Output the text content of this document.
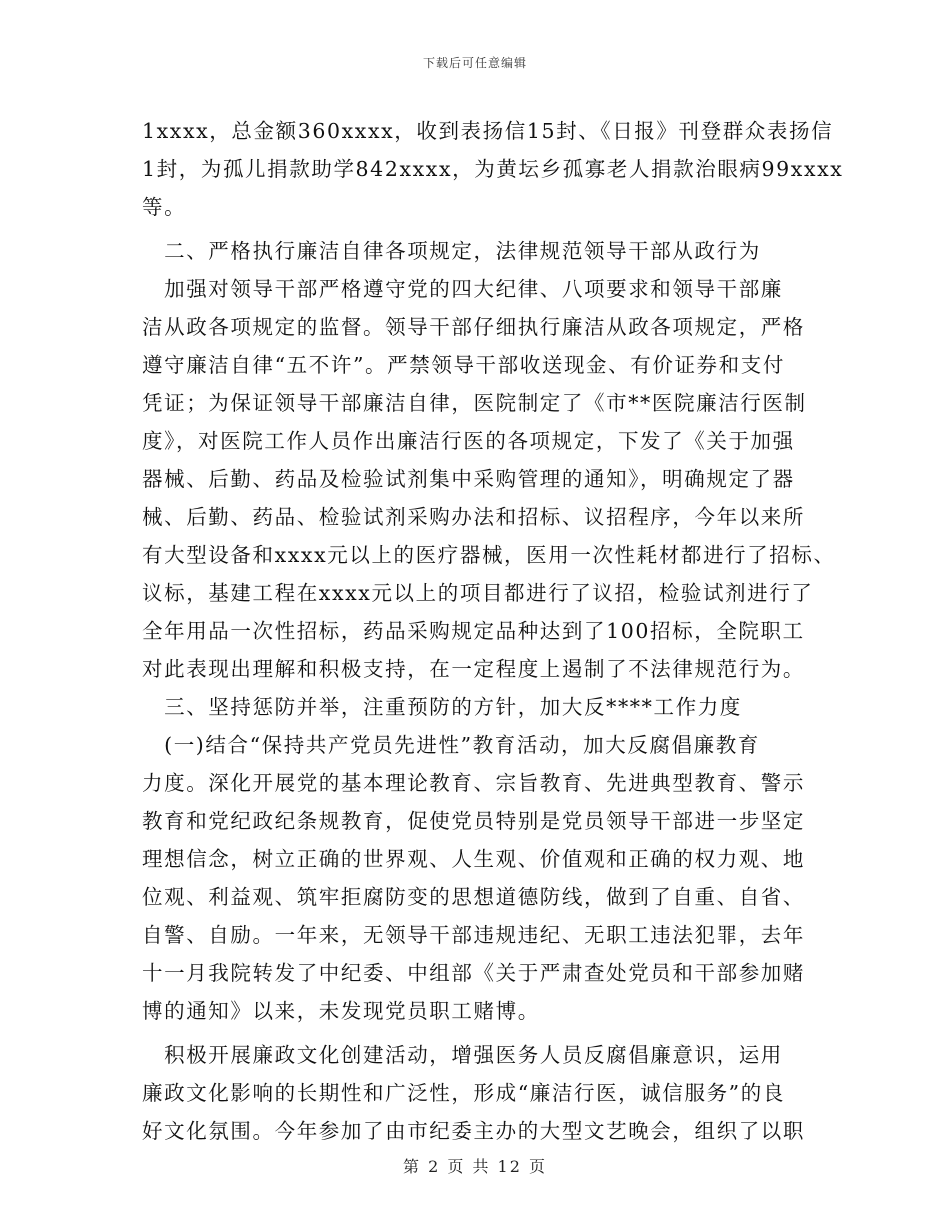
下载后可任意编辑
1xxxx，总金额360xxxx，收到表扬信15封、《日报》刊登群众表扬信
1封，为孤儿捐款助学842xxxx，为黄坛乡孤寡老人捐款治眼病99xxxx
等。
　二、严格执行廉洁自律各项规定，法律规范领导干部从政行为
　加强对领导干部严格遵守党的四大纪律、八项要求和领导干部廉
洁从政各项规定的监督。领导干部仔细执行廉洁从政各项规定，严格
遵守廉洁自律“五不许”。严禁领导干部收送现金、有价证券和支付
凭证；为保证领导干部廉洁自律，医院制定了《市**医院廉洁行医制
度》，对医院工作人员作出廉洁行医的各项规定，下发了《关于加强
器械、后勤、药品及检验试剂集中采购管理的通知》，明确规定了器
械、后勤、药品、检验试剂采购办法和招标、议招程序，今年以来所
有大型设备和xxxx元以上的医疗器械，医用一次性耗材都进行了招标、
议标，基建工程在xxxx元以上的项目都进行了议招，检验试剂进行了
全年用品一次性招标，药品采购规定品种达到了100招标，全院职工
对此表现出理解和积极支持，在一定程度上遏制了不法律规范行为。
　三、坚持惩防并举，注重预防的方针，加大反****工作力度
　(一)结合“保持共产党员先进性”教育活动，加大反腐倡廉教育
力度。深化开展党的基本理论教育、宗旨教育、先进典型教育、警示
教育和党纪政纪条规教育，促使党员特别是党员领导干部进一步坚定
理想信念，树立正确的世界观、人生观、价值观和正确的权力观、地
位观、利益观、筑牢拒腐防变的思想道德防线，做到了自重、自省、
自警、自励。一年来，无领导干部违规违纪、无职工违法犯罪，去年
十一月我院转发了中纪委、中组部《关于严肃查处党员和干部参加赌
博的通知》以来，未发现党员职工赌博。
　积极开展廉政文化创建活动，增强医务人员反腐倡廉意识，运用
廉政文化影响的长期性和广泛性，形成“廉洁行医，诚信服务”的良
好文化氛围。今年参加了由市纪委主办的大型文艺晚会，组织了以职
第 2 页 共 12 页
